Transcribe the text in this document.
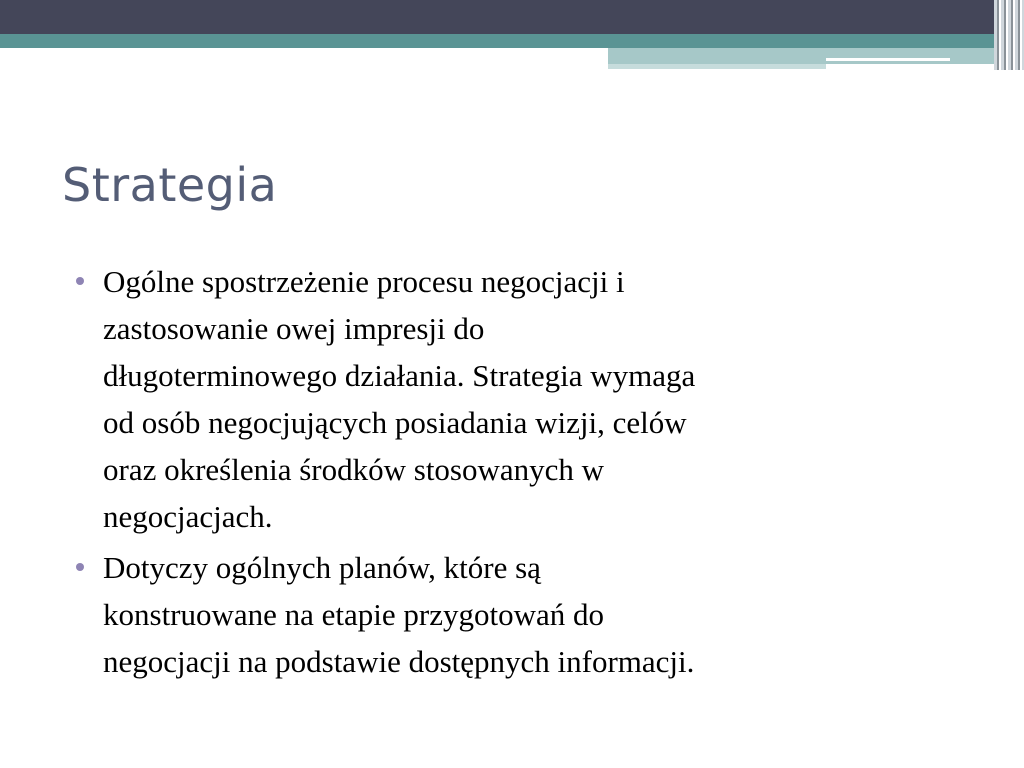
Strategia
Ogólne spostrzeżenie procesu negocjacji i
zastosowanie owej impresji do
długoterminowego działania. Strategia wymaga
od osób negocjujących posiadania wizji, celów
oraz określenia środków stosowanych w
negocjacjach.
Dotyczy ogólnych planów, które są
konstruowane na etapie przygotowań do
negocjacji na podstawie dostępnych informacji.
